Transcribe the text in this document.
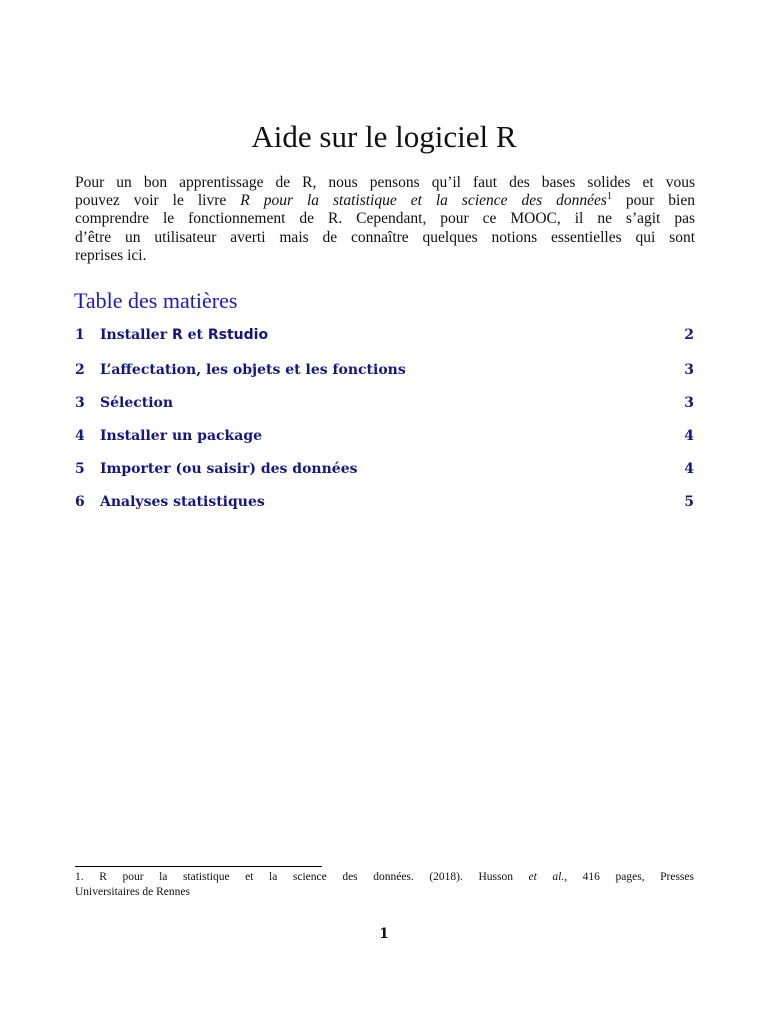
Aide sur le logiciel R
Pour un bon apprentissage de R, nous pensons qu’il faut des bases solides et vous
pouvez voir le livre R pour la statistique et la science des données$^1$ pour bien
comprendre le fonctionnement de R. Cependant, pour ce MOOC, il ne s’agit pas
d’être un utilisateur averti mais de connaître quelques notions essentielles qui sont
reprises ici.
Table des matières
1 Installer R et Rstudio	2
2 L’affectation, les objets et les fonctions	3
3 Sélection	3
4 Installer un package	4
5 Importer (ou saisir) des données	4
6 Analyses statistiques	5
1. R pour la statistique et la science des données. (2018). Husson et al., 416 pages, Presses
Universitaires de Rennes
1
